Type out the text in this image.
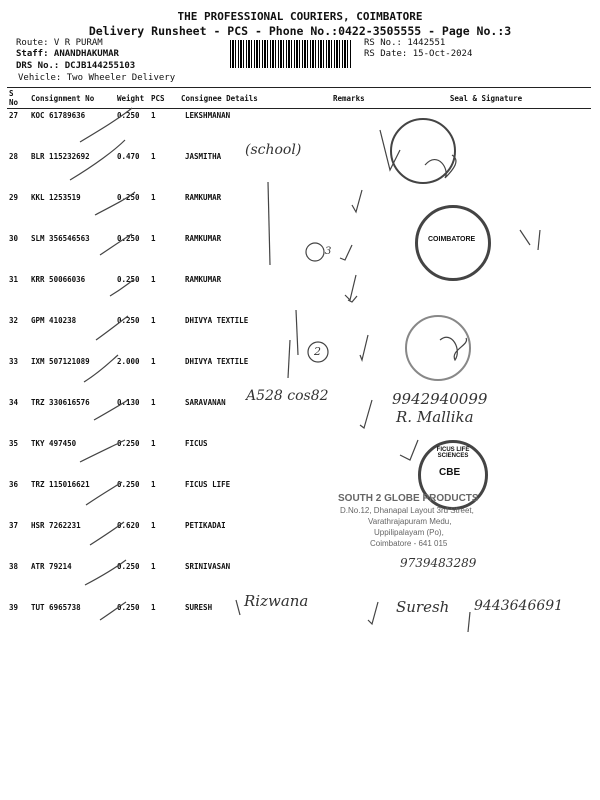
THE PROFESSIONAL COURIERS, COIMBATORE
Delivery Runsheet - PCS - Phone No.:0422-3505555 - Page No.:3
Route: V R PURAM
Staff: ANANDHAKUMAR
DRS No.: DCJB144255103
Vehicle: Two Wheeler Delivery
RS No.: 1442551
RS Date: 15-Oct-2024
S No	Consignment No	Weight	PCS	Consignee Details	Remarks	Seal & Signature
27	KOC 61789636	0.250	1	LEKSHMANAN		
28	BLR 115232692	0.470	1	JASMITHA		
29	KKL 1253519	0.250	1	RAMKUMAR		
30	SLM 356546563	0.250	1	RAMKUMAR		
31	KRR 50066036	0.250	1	RAMKUMAR		
32	GPM 410238	0.250	1	DHIVYA TEXTILE		
33	IXM 507121089	2.000	1	DHIVYA TEXTILE		
34	TRZ 330616576	0.130	1	SARAVANAN		
35	TKY 497450	0.250	1	FICUS		
36	TRZ 115016621	0.250	1	FICUS LIFE		
37	HSR 7262231	0.620	1	PETIKADAI		
38	ATR 79214	0.250	1	SRINIVASAN		
39	TUT 6965738	0.250	1	SURESH		
3
2
(school)
A528 cos82	9942940099
R. Mallika
9739483289
Rizwana	Suresh 9443646691
COIMBATORE
FICUS LIFE SCIENCES
CBE
SOUTH 2 GLOBE PRODUCTS
D.No.12, Dhanapal Layout 3rd Street,
Varathrajapuram Medu,
Uppilipalayam (Po),
Coimbatore - 641 015
